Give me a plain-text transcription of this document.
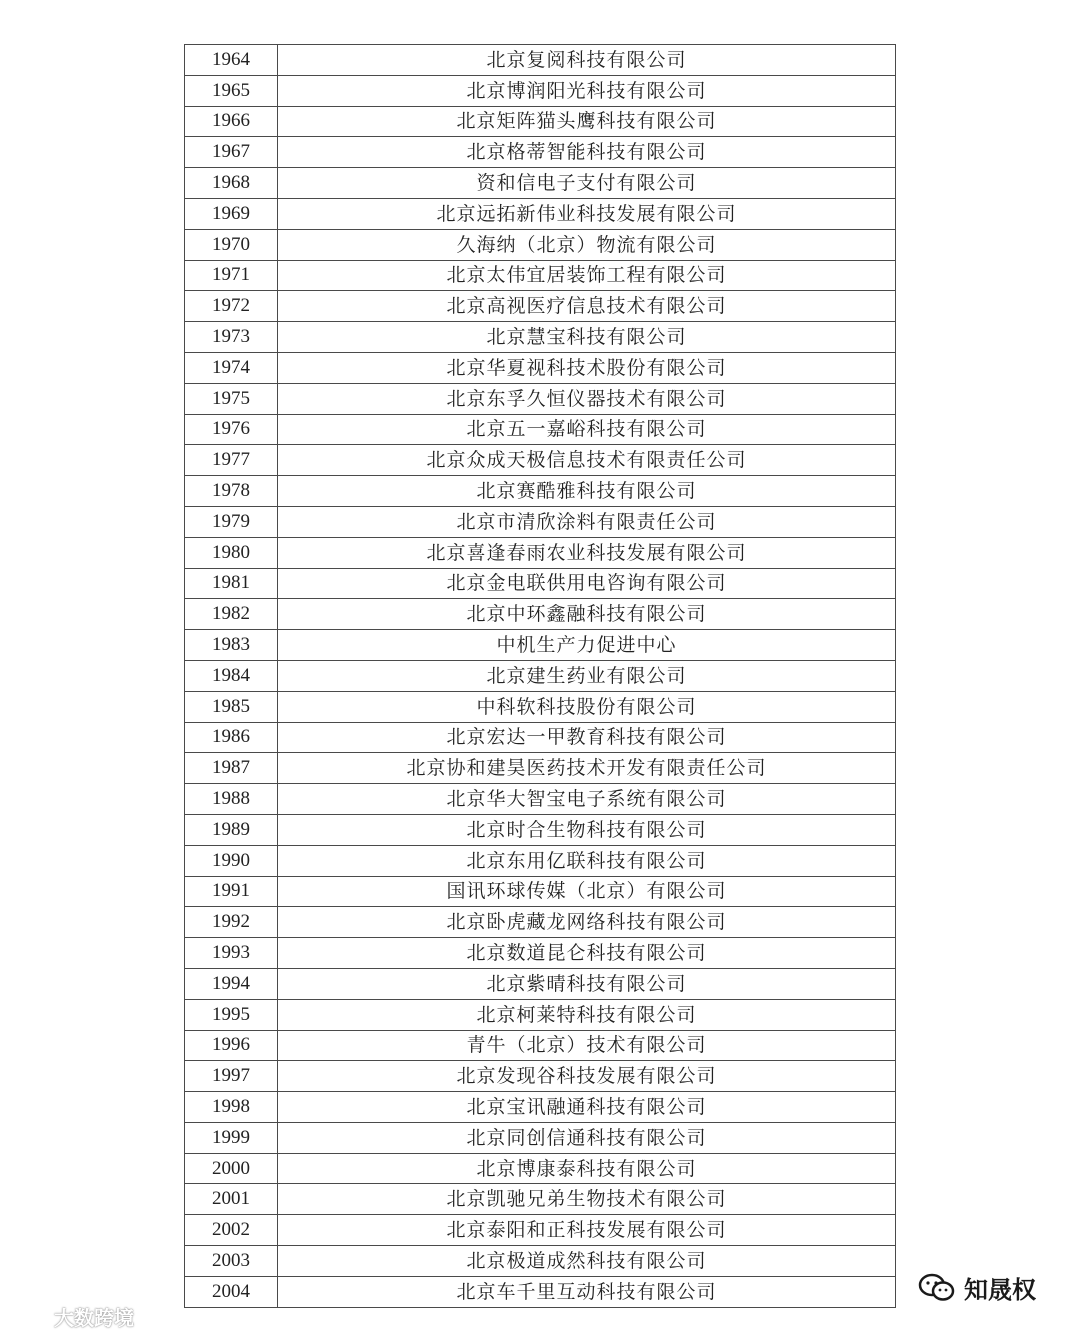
1964	北京复阅科技有限公司
1965	北京博润阳光科技有限公司
1966	北京矩阵猫头鹰科技有限公司
1967	北京格蒂智能科技有限公司
1968	资和信电子支付有限公司
1969	北京远拓新伟业科技发展有限公司
1970	久海纳（北京）物流有限公司
1971	北京太伟宜居装饰工程有限公司
1972	北京高视医疗信息技术有限公司
1973	北京慧宝科技有限公司
1974	北京华夏视科技术股份有限公司
1975	北京东孚久恒仪器技术有限公司
1976	北京五一嘉峪科技有限公司
1977	北京众成天极信息技术有限责任公司
1978	北京赛酷雅科技有限公司
1979	北京市清欣涂料有限责任公司
1980	北京喜逢春雨农业科技发展有限公司
1981	北京金电联供用电咨询有限公司
1982	北京中环鑫融科技有限公司
1983	中机生产力促进中心
1984	北京建生药业有限公司
1985	中科软科技股份有限公司
1986	北京宏达一甲教育科技有限公司
1987	北京协和建昊医药技术开发有限责任公司
1988	北京华大智宝电子系统有限公司
1989	北京时合生物科技有限公司
1990	北京东用亿联科技有限公司
1991	国讯环球传媒（北京）有限公司
1992	北京卧虎藏龙网络科技有限公司
1993	北京数道昆仑科技有限公司
1994	北京紫晴科技有限公司
1995	北京柯莱特科技有限公司
1996	青牛（北京）技术有限公司
1997	北京发现谷科技发展有限公司
1998	北京宝讯融通科技有限公司
1999	北京同创信通科技有限公司
2000	北京博康泰科技有限公司
2001	北京凯驰兄弟生物技术有限公司
2002	北京泰阳和正科技发展有限公司
2003	北京极道成然科技有限公司
2004	北京车千里互动科技有限公司
大数跨境
知晟权
